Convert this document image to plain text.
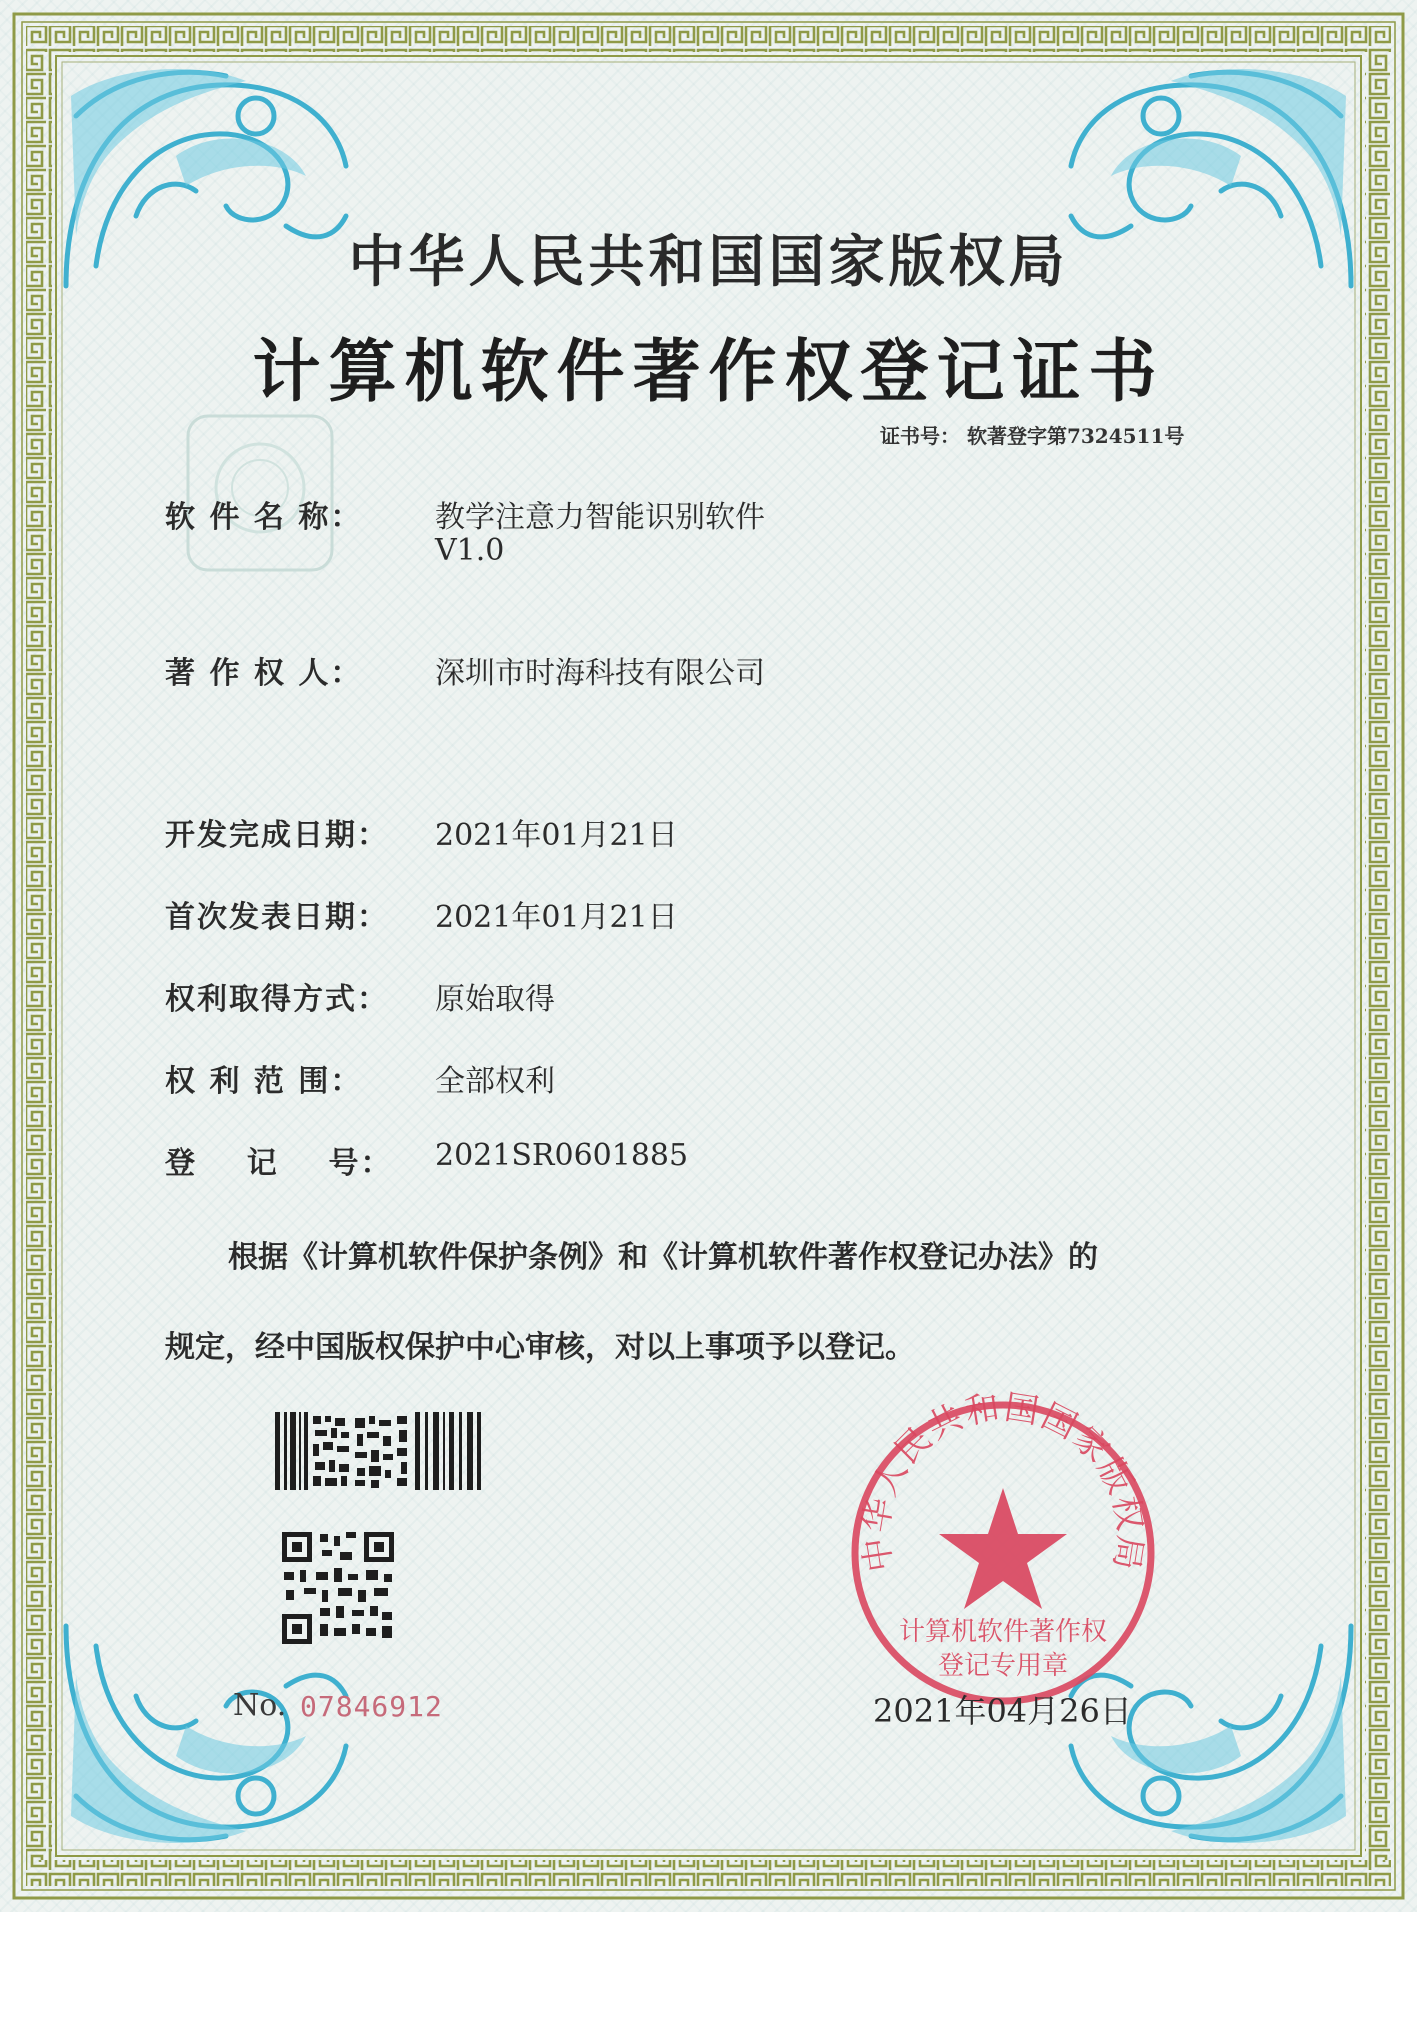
中华人民共和国国家版权局
计算机软件著作权登记证书
证书号： 软著登字第7324511号
软 件 名 称： 教学注意力智能识别软件
V1.0
著 作 权 人： 深圳市时海科技有限公司
开发完成日期： 2021年01月21日
首次发表日期： 2021年01月21日
权利取得方式： 原始取得
权 利 范 围： 全部权利
登    记    号： 2021SR0601885
根据《计算机软件保护条例》和《计算机软件著作权登记办法》的
规定，经中国版权保护中心审核，对以上事项予以登记。
No. 07846912
中华人民共和国国家版权局
计算机软件著作权
登记专用章
2021年04月26日
